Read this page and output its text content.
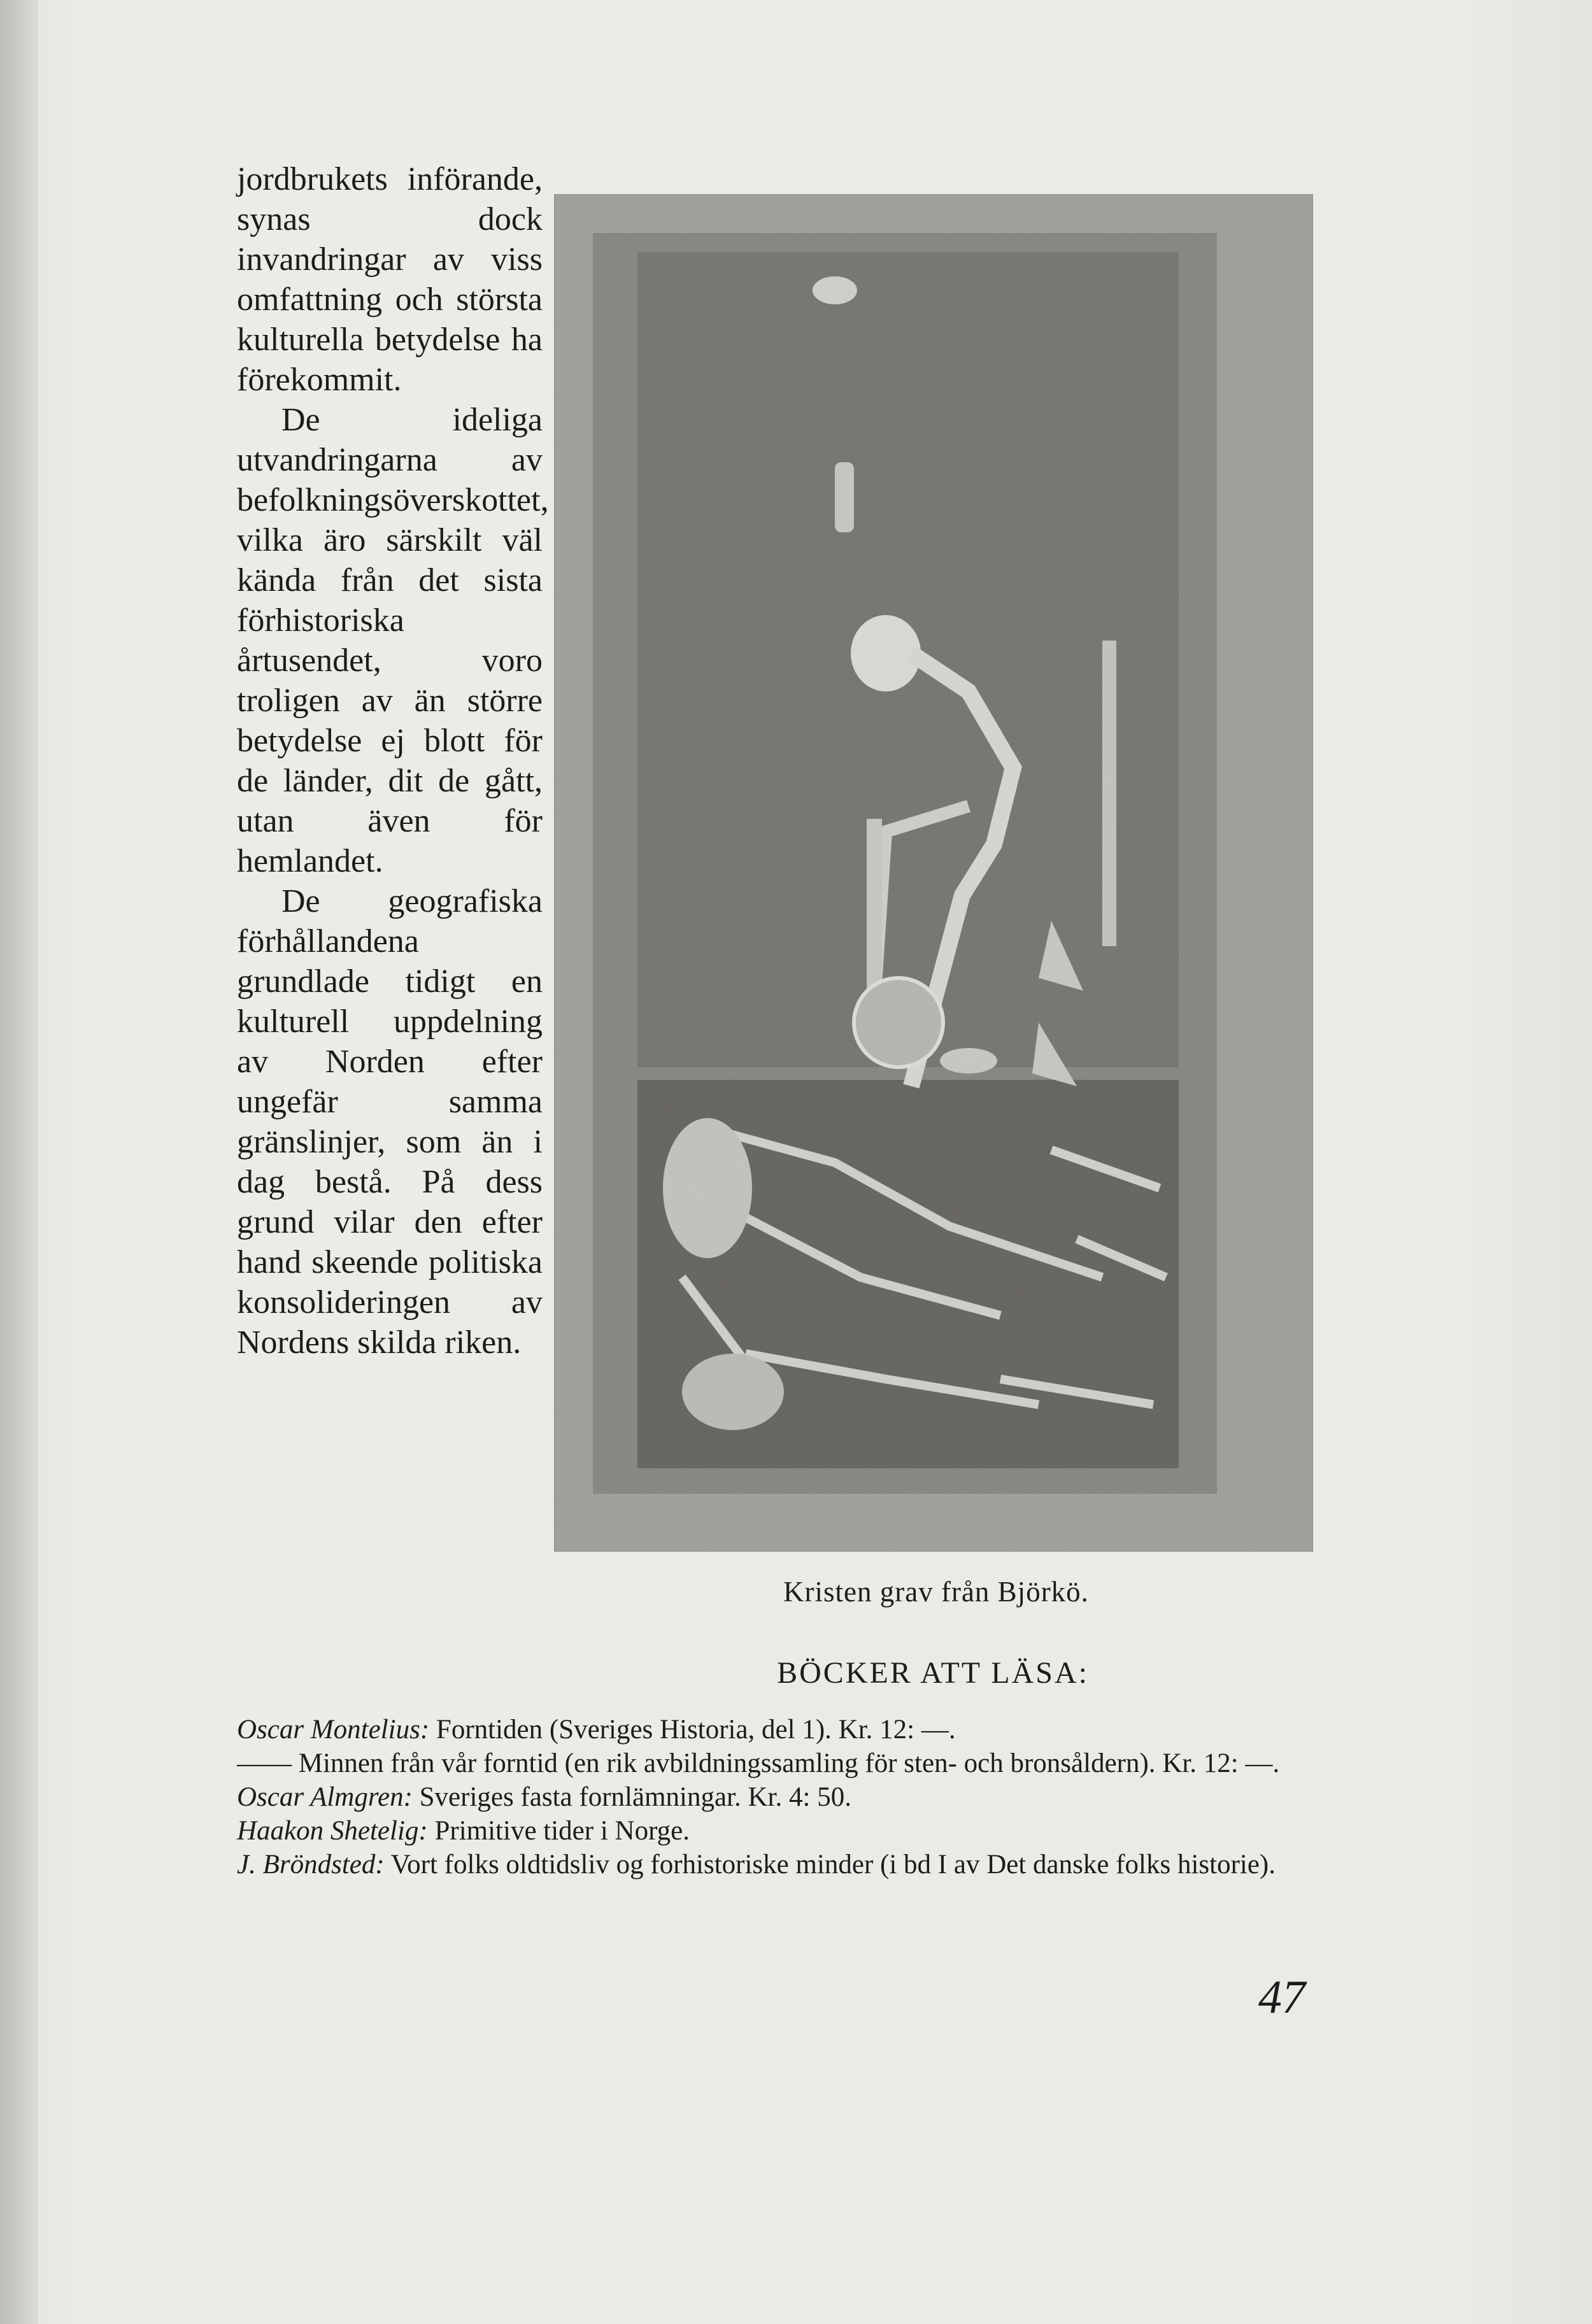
jordbrukets införande, synas dock invandringar av viss omfattning och största kulturella betydelse ha förekommit.

De ideliga utvandringarna av befolkningsöverskottet, vilka äro särskilt väl kända från det sista förhistoriska årtusendet, voro troligen av än större betydelse ej blott för de länder, dit de gått, utan även för hemlandet.

De geografiska förhållandena grundlade tidigt en kulturell uppdelning av Norden efter ungefär samma gränslinjer, som än i dag bestå. På dess grund vilar den efter hand skeende politiska konsolideringen av Nordens skilda riken.

Kristen grav från Björkö.
BÖCKER ATT LÄSA:
Oscar Montelius: Forntiden (Sveriges Historia, del 1). Kr. 12: —.
—— Minnen från vår forntid (en rik avbildningssamling för sten- och bronsåldern). Kr. 12: —.
Oscar Almgren: Sveriges fasta fornlämningar. Kr. 4: 50.
Haakon Shetelig: Primitive tider i Norge.
J. Bröndsted: Vort folks oldtidsliv og forhistoriske minder (i bd I av Det danske folks historie).
47
